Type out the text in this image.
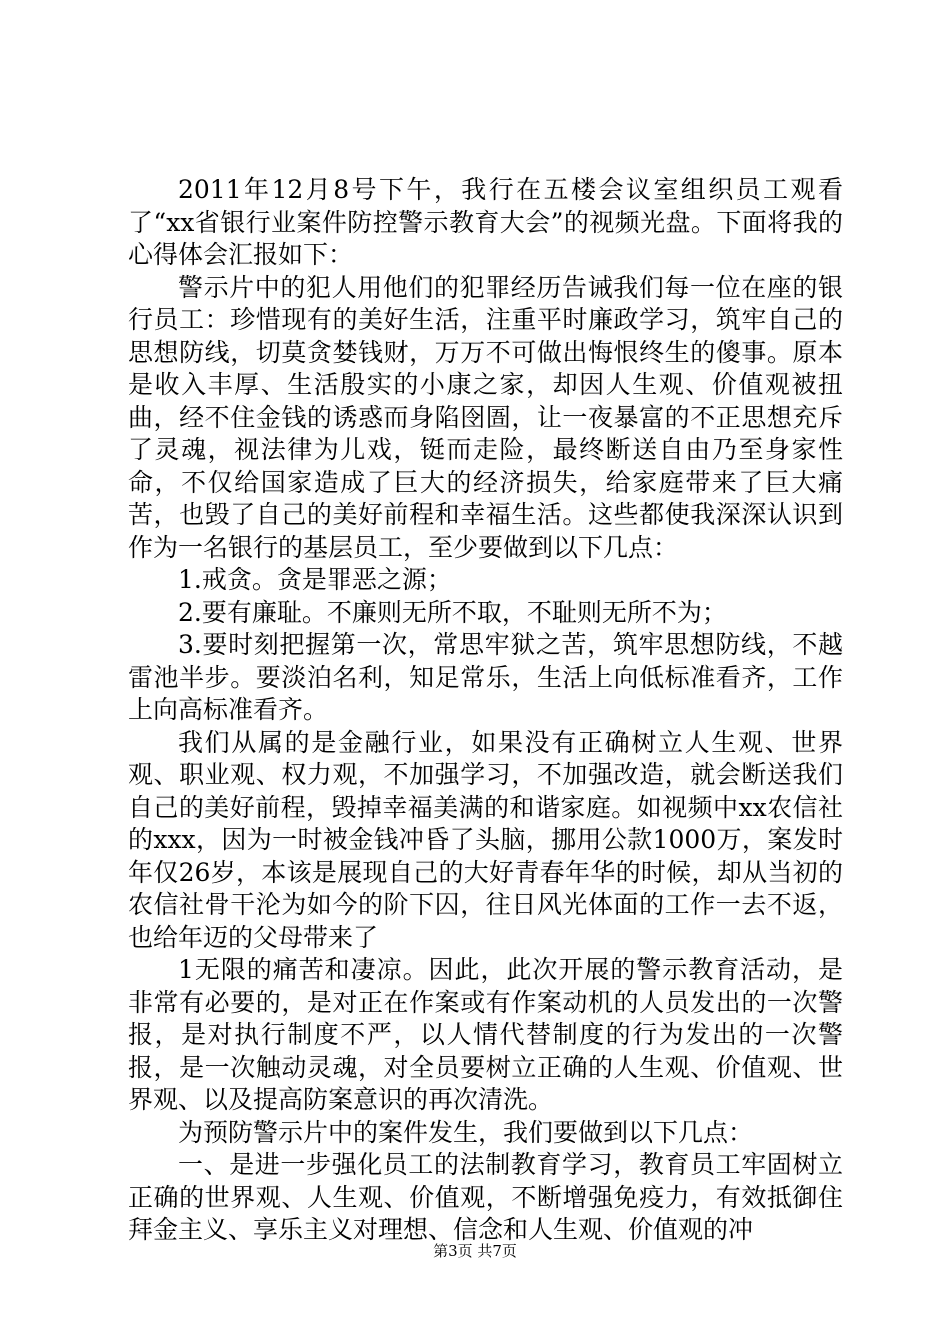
2011年12月8号下午，我行在五楼会议室组织员工观看了“xx省银行业案件防控警示教育大会”的视频光盘。下面将我的心得体会汇报如下：

警示片中的犯人用他们的犯罪经历告诫我们每一位在座的银行员工：珍惜现有的美好生活，注重平时廉政学习，筑牢自己的思想防线，切莫贪婪钱财，万万不可做出悔恨终生的傻事。原本是收入丰厚、生活殷实的小康之家，却因人生观、价值观被扭曲，经不住金钱的诱惑而身陷囹圄，让一夜暴富的不正思想充斥了灵魂，视法律为儿戏，铤而走险，最终断送自由乃至身家性命，不仅给国家造成了巨大的经济损失，给家庭带来了巨大痛苦，也毁了自己的美好前程和幸福生活。这些都使我深深认识到作为一名银行的基层员工，至少要做到以下几点：

1.戒贪。贪是罪恶之源；

2.要有廉耻。不廉则无所不取，不耻则无所不为；

3.要时刻把握第一次，常思牢狱之苦，筑牢思想防线，不越雷池半步。要淡泊名利，知足常乐，生活上向低标准看齐，工作上向高标准看齐。

我们从属的是金融行业，如果没有正确树立人生观、世界观、职业观、权力观，不加强学习，不加强改造，就会断送我们自己的美好前程，毁掉幸福美满的和谐家庭。如视频中xx农信社的xxx，因为一时被金钱冲昏了头脑，挪用公款1000万，案发时年仅26岁，本该是展现自己的大好青春年华的时候，却从当初的农信社骨干沦为如今的阶下囚，往日风光体面的工作一去不返，也给年迈的父母带来了

1无限的痛苦和凄凉。因此，此次开展的警示教育活动，是非常有必要的，是对正在作案或有作案动机的人员发出的一次警报，是对执行制度不严，以人情代替制度的行为发出的一次警报，是一次触动灵魂，对全员要树立正确的人生观、价值观、世界观、以及提高防案意识的再次清洗。

为预防警示片中的案件发生，我们要做到以下几点：

一、是进一步强化员工的法制教育学习，教育员工牢固树立正确的世界观、人生观、价值观，不断增强免疫力，有效抵御住拜金主义、享乐主义对理想、信念和人生观、价值观的冲

第3页 共7页
